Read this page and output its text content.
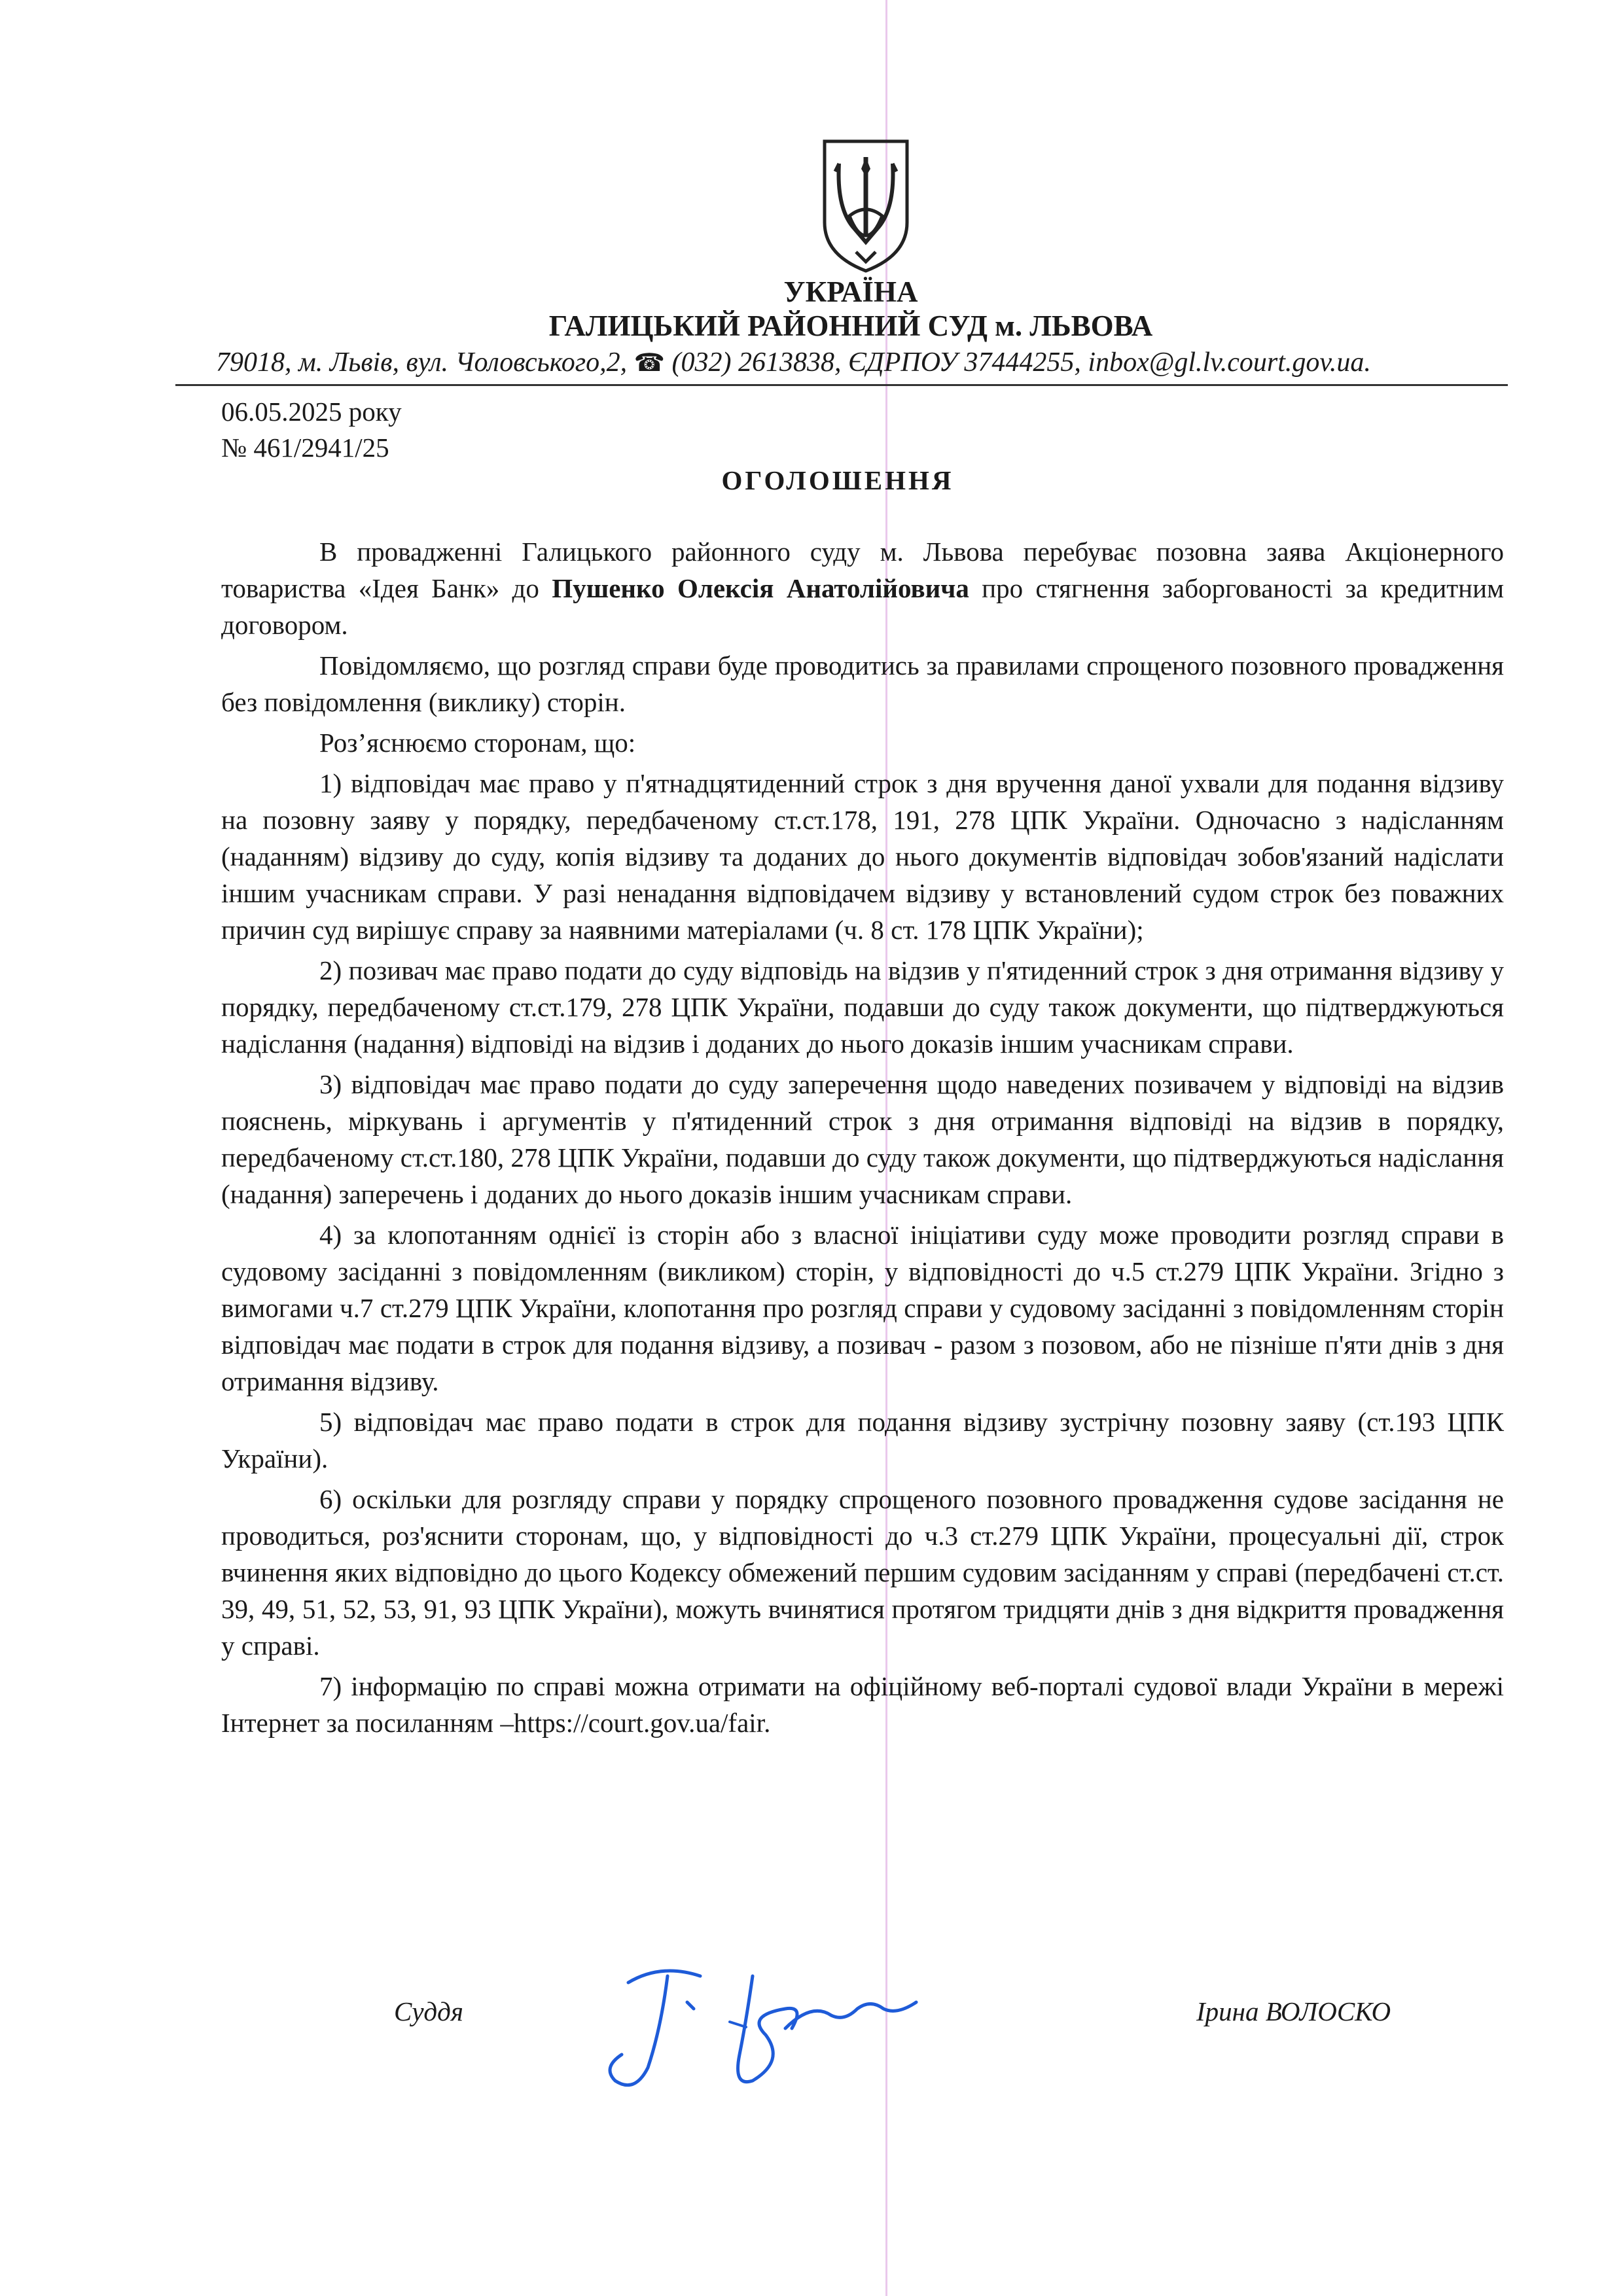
УКРАЇНА

ГАЛИЦЬКИЙ РАЙОННИЙ СУД м. ЛЬВОВА

79018, м. Львів, вул. Чоловського,2, ☎ (032) 2613838, ЄДРПОУ 37444255, inbox@gl.lv.court.gov.ua.

06.05.2025 року

№ 461/2941/25

ОГОЛОШЕННЯ

В провадженні Галицького районного суду м. Львова перебуває позовна заява Акціонерного товариства «Ідея Банк» до Пушенко Олексія Анатолійовича про стягнення заборгованості за кредитним договором.

Повідомляємо, що розгляд справи буде проводитись за правилами спрощеного позовного провадження без повідомлення (виклику) сторін.

Роз’яснюємо сторонам, що:

1) відповідач має право у п'ятнадцятиденний строк з дня вручення даної ухвали для подання відзиву на позовну заяву у порядку, передбаченому ст.ст.178, 191, 278 ЦПК України. Одночасно з надісланням (наданням) відзиву до суду, копія відзиву та доданих до нього документів відповідач зобов'язаний надіслати іншим учасникам справи. У разі ненадання відповідачем відзиву у встановлений судом строк без поважних причин суд вирішує справу за наявними матеріалами (ч. 8 ст. 178 ЦПК України);

2) позивач має право подати до суду відповідь на відзив у п'ятиденний строк з дня отримання відзиву у порядку, передбаченому ст.ст.179, 278 ЦПК України, подавши до суду також документи, що підтверджуються надіслання (надання) відповіді на відзив і доданих до нього доказів іншим учасникам справи.

3) відповідач має право подати до суду заперечення щодо наведених позивачем у відповіді на відзив пояснень, міркувань і аргументів у п'ятиденний строк з дня отримання відповіді на відзив в порядку, передбаченому ст.ст.180, 278 ЦПК України, подавши до суду також документи, що підтверджуються надіслання (надання) заперечень і доданих до нього доказів іншим учасникам справи.

4) за клопотанням однієї із сторін або з власної ініціативи суду може проводити розгляд справи в судовому засіданні з повідомленням (викликом) сторін, у відповідності до ч.5 ст.279 ЦПК України. Згідно з вимогами ч.7 ст.279 ЦПК України, клопотання про розгляд справи у судовому засіданні з повідомленням сторін відповідач має подати в строк для подання відзиву, а позивач - разом з позовом, або не пізніше п'яти днів з дня отримання відзиву.

5) відповідач має право подати в строк для подання відзиву зустрічну позовну заяву (ст.193 ЦПК України).

6) оскільки для розгляду справи у порядку спрощеного позовного провадження судове засідання не проводиться, роз'яснити сторонам, що, у відповідності до ч.3 ст.279 ЦПК України, процесуальні дії, строк вчинення яких відповідно до цього Кодексу обмежений першим судовим засіданням у справі (передбачені ст.ст. 39, 49, 51, 52, 53, 91, 93 ЦПК України), можуть вчинятися протягом тридцяти днів з дня відкриття провадження у справі.

7) інформацію по справі можна отримати на офіційному веб-порталі судової влади України в мережі Інтернет за посиланням –https://court.gov.ua/fair.

Суддя	Ірина ВОЛОСКО
